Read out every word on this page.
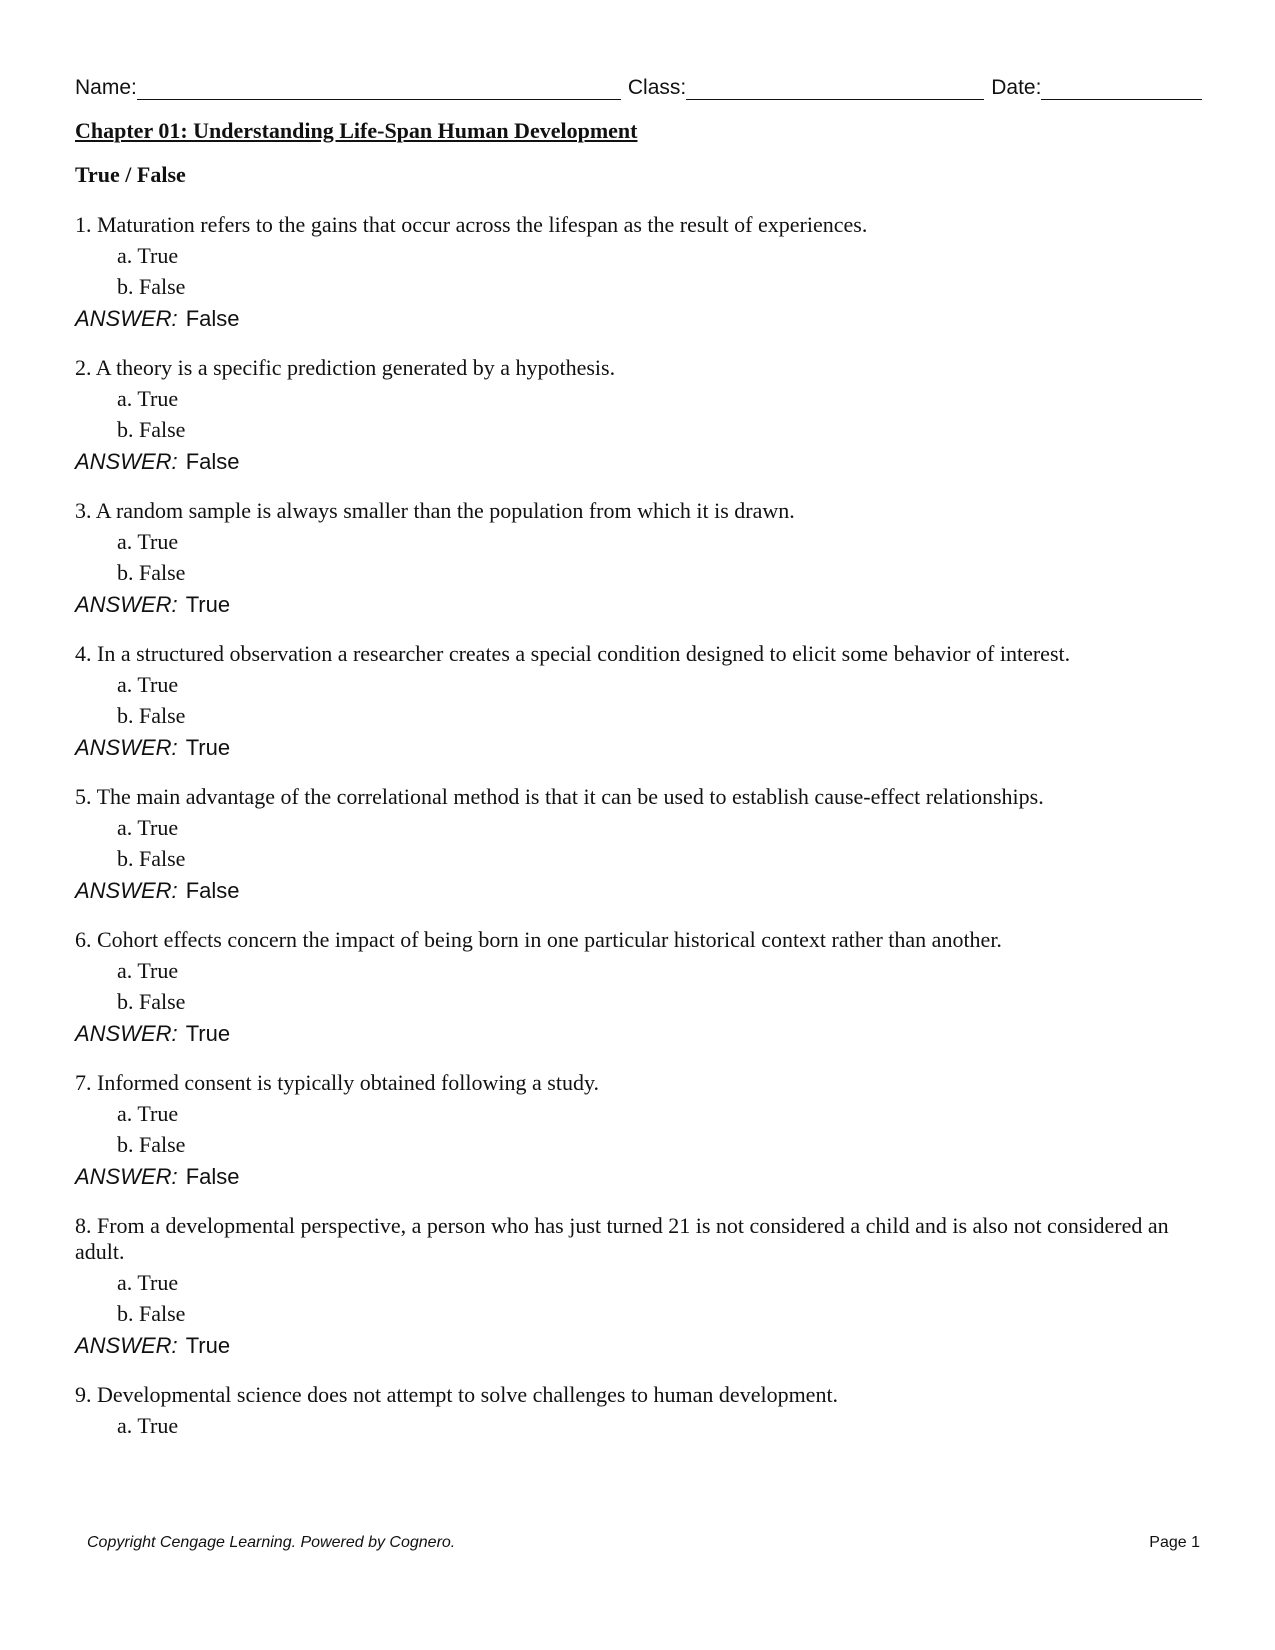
Name:	Class:	Date:
Chapter 01: Understanding Life-Span Human Development
True / False
1. Maturation refers to the gains that occur across the lifespan as the result of experiences.
a. True
b. False
ANSWER: False
2. A theory is a specific prediction generated by a hypothesis.
a. True
b. False
ANSWER: False
3. A random sample is always smaller than the population from which it is drawn.
a. True
b. False
ANSWER: True
4. In a structured observation a researcher creates a special condition designed to elicit some behavior of interest.
a. True
b. False
ANSWER: True
5. The main advantage of the correlational method is that it can be used to establish cause-effect relationships.
a. True
b. False
ANSWER: False
6. Cohort effects concern the impact of being born in one particular historical context rather than another.
a. True
b. False
ANSWER: True
7. Informed consent is typically obtained following a study.
a. True
b. False
ANSWER: False
8. From a developmental perspective, a person who has just turned 21 is not considered a child and is also not considered an adult.
a. True
b. False
ANSWER: True
9. Developmental science does not attempt to solve challenges to human development.
a. True
Copyright Cengage Learning. Powered by Cognero.	Page 1
